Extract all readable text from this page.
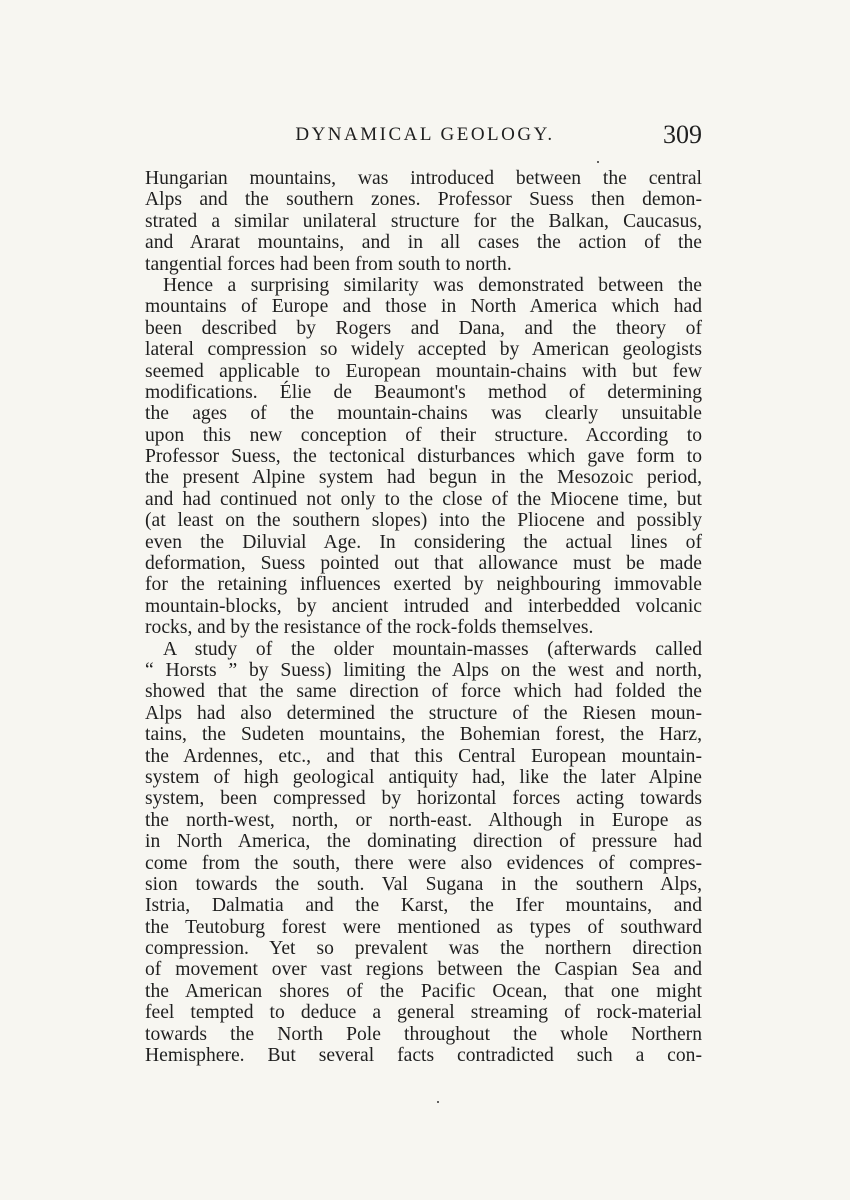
DYNAMICAL GEOLOGY.	309
Hungarian mountains, was introduced between the central
Alps and the southern zones. Professor Suess then demon-
strated a similar unilateral structure for the Balkan, Caucasus,
and Ararat mountains, and in all cases the action of the
tangential forces had been from south to north.
Hence a surprising similarity was demonstrated between the
mountains of Europe and those in North America which had
been described by Rogers and Dana, and the theory of
lateral compression so widely accepted by American geologists
seemed applicable to European mountain-chains with but few
modifications. Élie de Beaumont's method of determining
the ages of the mountain-chains was clearly unsuitable
upon this new conception of their structure. According to
Professor Suess, the tectonical disturbances which gave form to
the present Alpine system had begun in the Mesozoic period,
and had continued not only to the close of the Miocene time, but
(at least on the southern slopes) into the Pliocene and possibly
even the Diluvial Age. In considering the actual lines of
deformation, Suess pointed out that allowance must be made
for the retaining influences exerted by neighbouring immovable
mountain-blocks, by ancient intruded and interbedded volcanic
rocks, and by the resistance of the rock-folds themselves.
A study of the older mountain-masses (afterwards called
“ Horsts ” by Suess) limiting the Alps on the west and north,
showed that the same direction of force which had folded the
Alps had also determined the structure of the Riesen moun-
tains, the Sudeten mountains, the Bohemian forest, the Harz,
the Ardennes, etc., and that this Central European mountain-
system of high geological antiquity had, like the later Alpine
system, been compressed by horizontal forces acting towards
the north-west, north, or north-east. Although in Europe as
in North America, the dominating direction of pressure had
come from the south, there were also evidences of compres-
sion towards the south. Val Sugana in the southern Alps,
Istria, Dalmatia and the Karst, the Ifer mountains, and
the Teutoburg forest were mentioned as types of southward
compression. Yet so prevalent was the northern direction
of movement over vast regions between the Caspian Sea and
the American shores of the Pacific Ocean, that one might
feel tempted to deduce a general streaming of rock-material
towards the North Pole throughout the whole Northern
Hemisphere. But several facts contradicted such a con-
